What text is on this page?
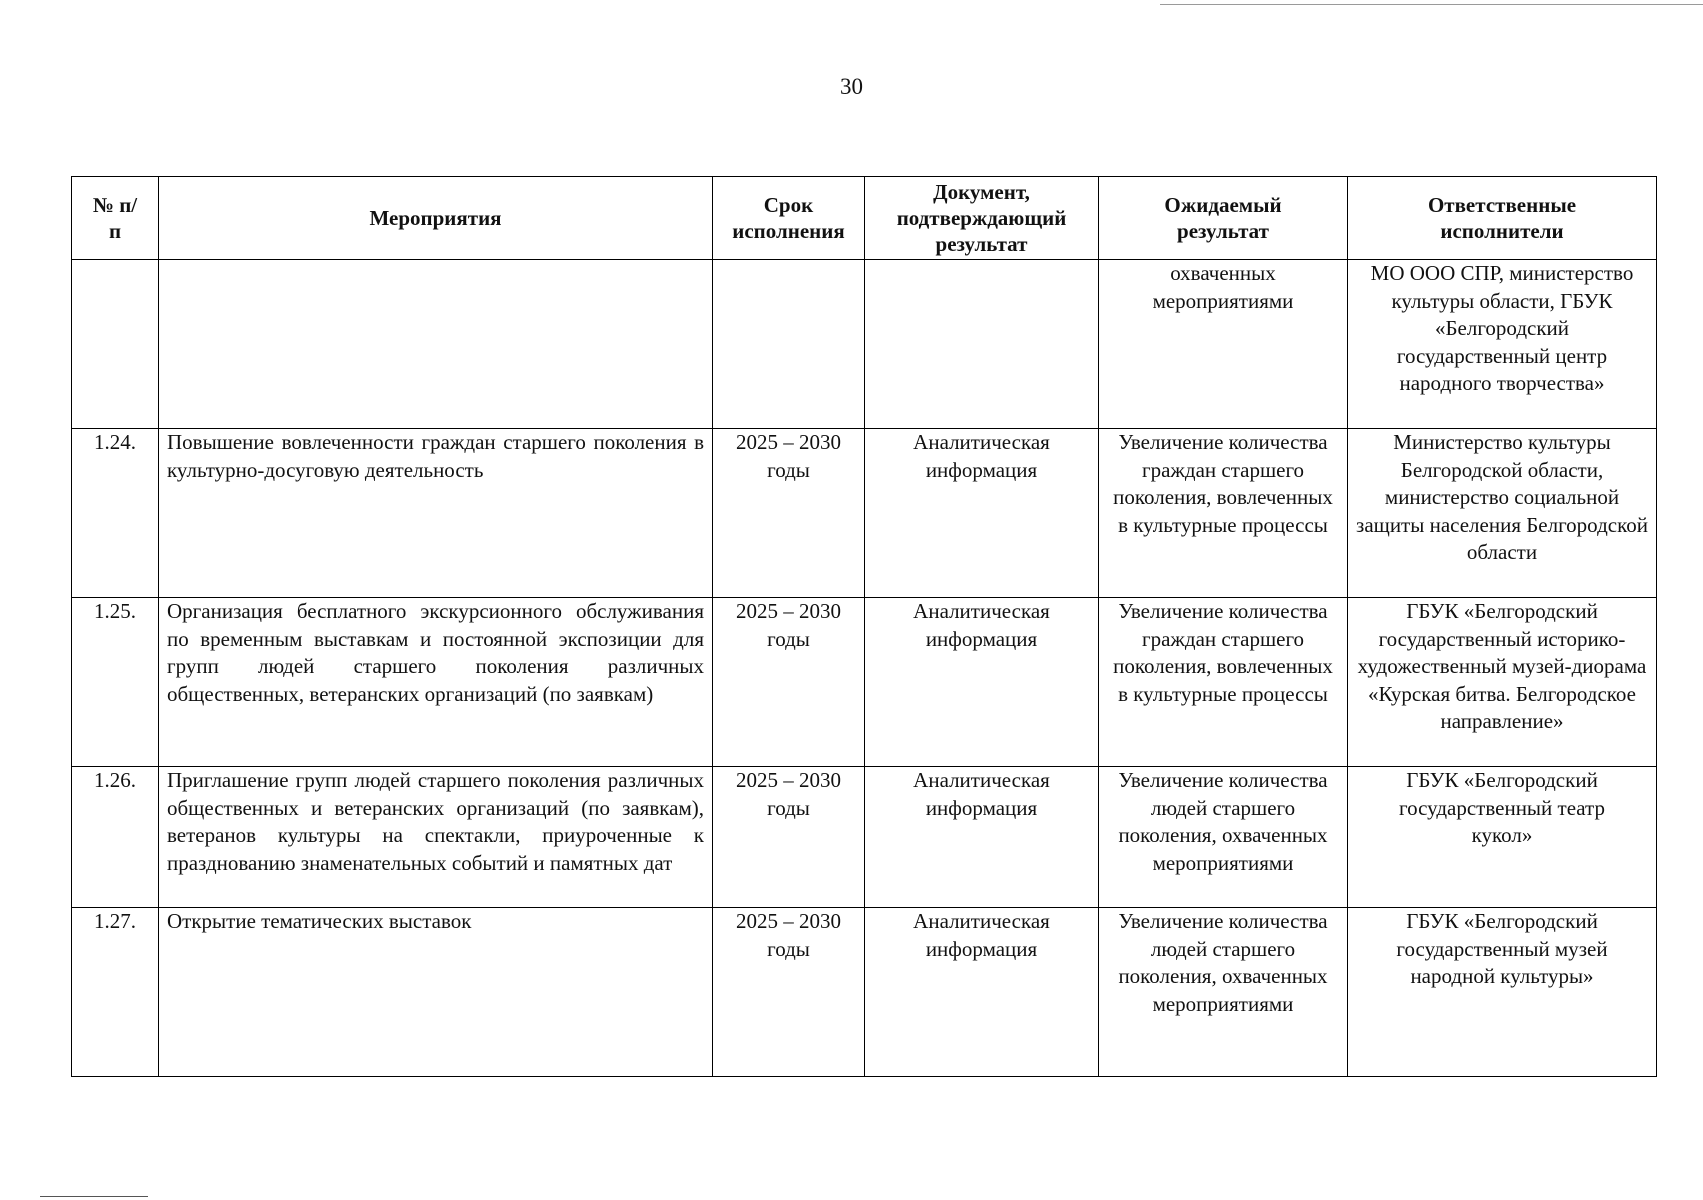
30
№ п/п	Мероприятия	Срок исполнения	Документ, подтверждающий результат	Ожидаемый результат	Ответственные исполнители
				охваченных мероприятиями	МО ООО СПР, министерство культуры области, ГБУК «Белгородский государственный центр народного творчества»
1.24.	Повышение вовлеченности граждан старшего поколения в культурно-досуговую деятельность	2025 – 2030 годы	Аналитическая информация	Увеличение количества граждан старшего поколения, вовлеченных в культурные процессы	Министерство культуры Белгородской области, министерство социальной защиты населения Белгородской области
1.25.	Организация бесплатного экскурсионного обслуживания по временным выставкам и постоянной экспозиции для групп людей старшего поколения различных общественных, ветеранских организаций (по заявкам)	2025 – 2030 годы	Аналитическая информация	Увеличение количества граждан старшего поколения, вовлеченных в культурные процессы	ГБУК «Белгородский государственный историко-художественный музей-диорама «Курская битва. Белгородское направление»
1.26.	Приглашение групп людей старшего поколения различных общественных и ветеранских организаций (по заявкам), ветеранов культуры на спектакли, приуроченные к празднованию знаменательных событий и памятных дат	2025 – 2030 годы	Аналитическая информация	Увеличение количества людей старшего поколения, охваченных мероприятиями	ГБУК «Белгородский государственный театр кукол»
1.27.	Открытие тематических выставок	2025 – 2030 годы	Аналитическая информация	Увеличение количества людей старшего поколения, охваченных мероприятиями	ГБУК «Белгородский государственный музей народной культуры»
